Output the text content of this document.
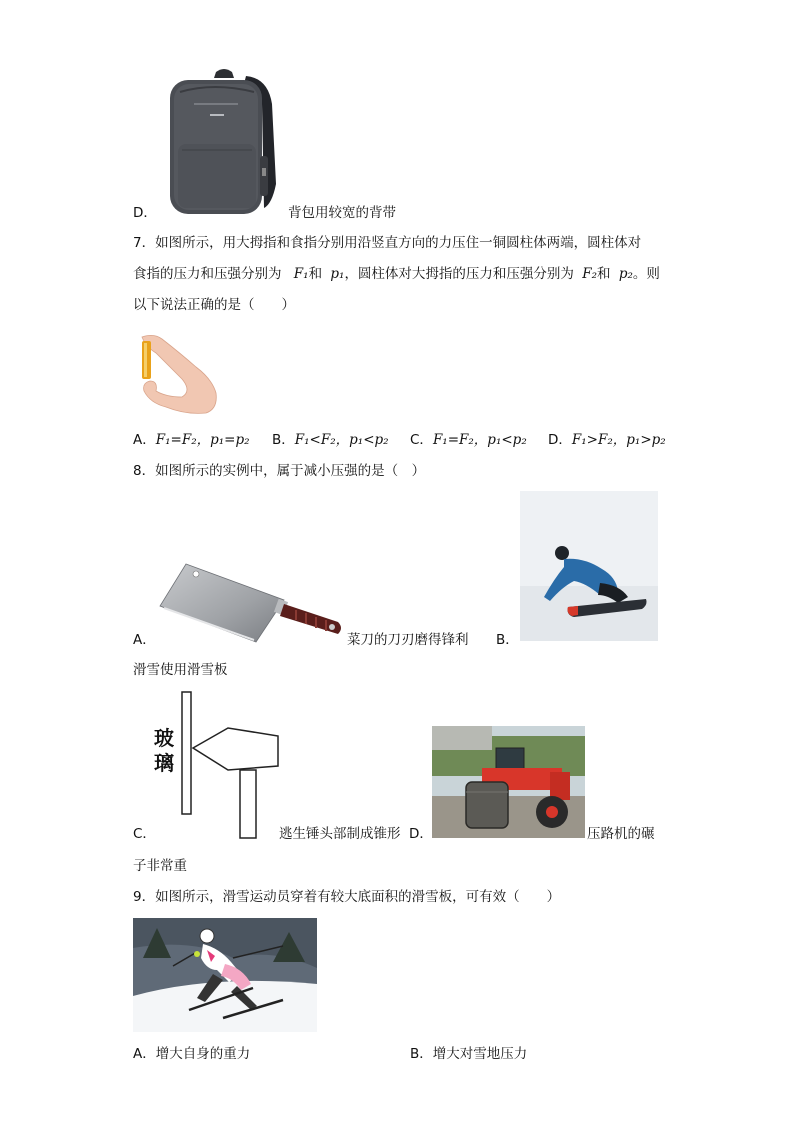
D．	背包用较宽的背带
7．如图所示，用大拇指和食指分别用沿竖直方向的力压住一铜圆柱体两端，圆柱体对
食指的压力和压强分别为 F₁和 p₁，圆柱体对大拇指的压力和压强分别为 F₂和 p₂。则
以下说法正确的是（　　）
A．F₁=F₂，p₁=p₂ B．F₁<F₂，p₁<p₂ C．F₁=F₂，p₁<p₂ D．F₁>F₂，p₁>p₂
8．如图所示的实例中，属于减小压强的是（　）
A．	菜刀的刀刃磨得锋利 B．
滑雪使用滑雪板
玻
璃
C．	逃生锤头部制成锥形 D．	压路机的碾
子非常重
9．如图所示，滑雪运动员穿着有较大底面积的滑雪板，可有效（　　）
A．增大自身的重力	B．增大对雪地压力
